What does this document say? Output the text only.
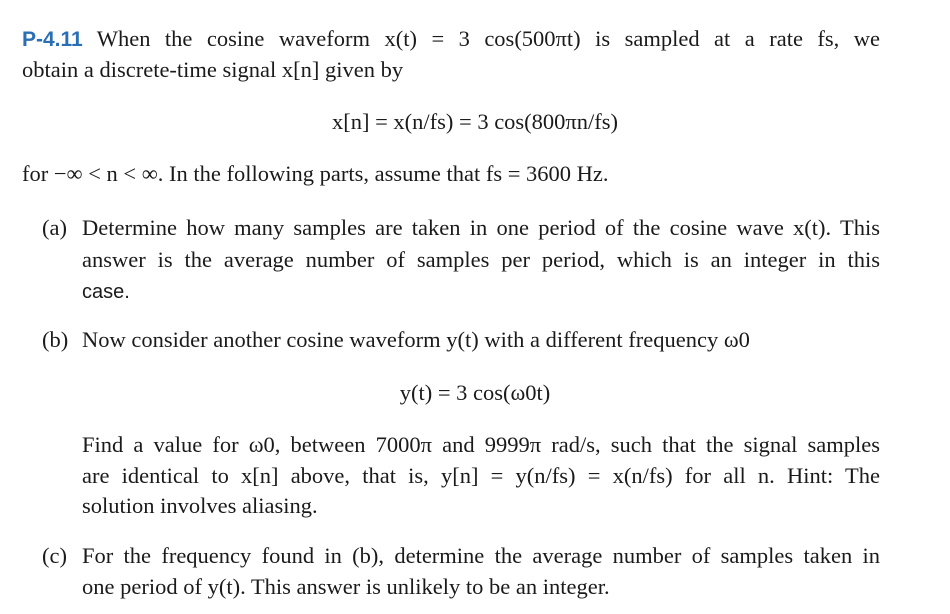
P-4.11 When the cosine waveform x(t) = 3 cos(500πt) is sampled at a rate fs, we
obtain a discrete-time signal x[n] given by
x[n] = x(n/fs) = 3 cos(800πn/fs)
for −∞ < n < ∞. In the following parts, assume that fs = 3600 Hz.
(a) Determine how many samples are taken in one period of the cosine wave x(t). This
answer is the average number of samples per period, which is an integer in this
case.
(b) Now consider another cosine waveform y(t) with a different frequency ω0
y(t) = 3 cos(ω0t)
Find a value for ω0, between 7000π and 9999π rad/s, such that the signal samples
are identical to x[n] above, that is, y[n] = y(n/fs) = x(n/fs) for all n. Hint: The
solution involves aliasing.
(c) For the frequency found in (b), determine the average number of samples taken in
one period of y(t). This answer is unlikely to be an integer.
